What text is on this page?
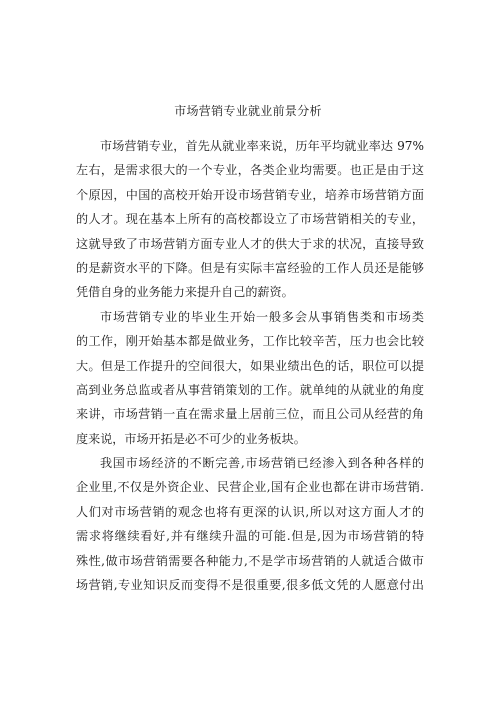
市场营销专业就业前景分析
市场营销专业，首先从就业率来说，历年平均就业率达 97%
左右，是需求很大的一个专业，各类企业均需要。也正是由于这
个原因，中国的高校开始开设市场营销专业，培养市场营销方面
的人才。现在基本上所有的高校都设立了市场营销相关的专业，
这就导致了市场营销方面专业人才的供大于求的状况，直接导致
的是薪资水平的下降。但是有实际丰富经验的工作人员还是能够
凭借自身的业务能力来提升自己的薪资。
市场营销专业的毕业生开始一般多会从事销售类和市场类
的工作，刚开始基本都是做业务，工作比较辛苦，压力也会比较
大。但是工作提升的空间很大，如果业绩出色的话，职位可以提
高到业务总监或者从事营销策划的工作。就单纯的从就业的角度
来讲，市场营销一直在需求量上居前三位，而且公司从经营的角
度来说，市场开拓是必不可少的业务板块。
我国市场经济的不断完善,市场营销已经渗入到各种各样的
企业里,不仅是外资企业、民营企业,国有企业也都在讲市场营销.
人们对市场营销的观念也将有更深的认识,所以对这方面人才的
需求将继续看好,并有继续升温的可能.但是,因为市场营销的特
殊性,做市场营销需要各种能力,不是学市场营销的人就适合做市
场营销,专业知识反而变得不是很重要,很多低文凭的人愿意付出
